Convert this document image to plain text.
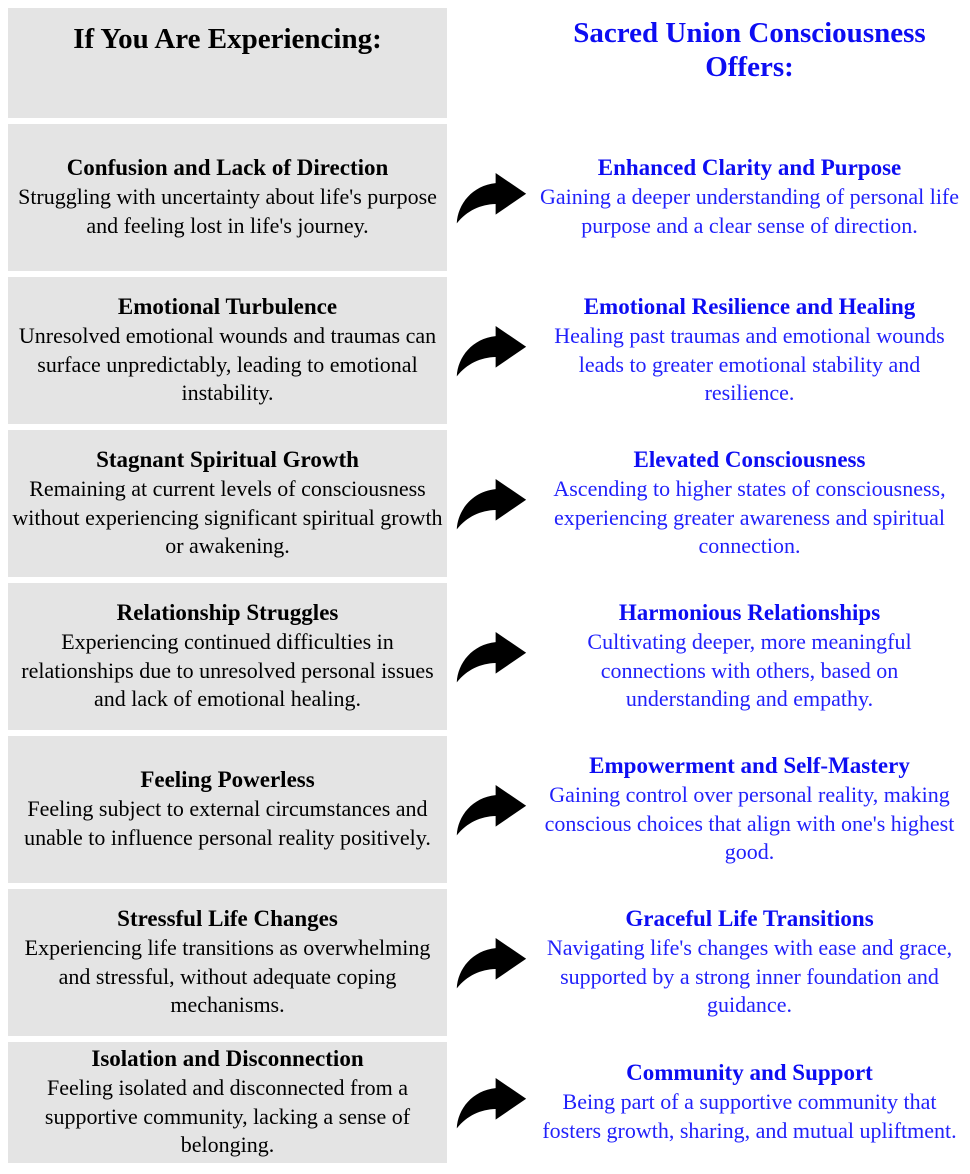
If You Are Experiencing:	Sacred Union Consciousness Offers:
Confusion and Lack of Direction
Struggling with uncertainty about life's purpose and feeling lost in life's journey.
Enhanced Clarity and Purpose
Gaining a deeper understanding of personal life purpose and a clear sense of direction.
Emotional Turbulence
Unresolved emotional wounds and traumas can surface unpredictably, leading to emotional instability.
Emotional Resilience and Healing
Healing past traumas and emotional wounds leads to greater emotional stability and resilience.
Stagnant Spiritual Growth
Remaining at current levels of consciousness without experiencing significant spiritual growth or awakening.
Elevated Consciousness
Ascending to higher states of consciousness, experiencing greater awareness and spiritual connection.
Relationship Struggles
Experiencing continued difficulties in relationships due to unresolved personal issues and lack of emotional healing.
Harmonious Relationships
Cultivating deeper, more meaningful connections with others, based on understanding and empathy.
Feeling Powerless
Feeling subject to external circumstances and unable to influence personal reality positively.
Empowerment and Self-Mastery
Gaining control over personal reality, making conscious choices that align with one's highest good.
Stressful Life Changes
Experiencing life transitions as overwhelming and stressful, without adequate coping mechanisms.
Graceful Life Transitions
Navigating life's changes with ease and grace, supported by a strong inner foundation and guidance.
Isolation and Disconnection
Feeling isolated and disconnected from a supportive community, lacking a sense of belonging.
Community and Support
Being part of a supportive community that fosters growth, sharing, and mutual upliftment.
